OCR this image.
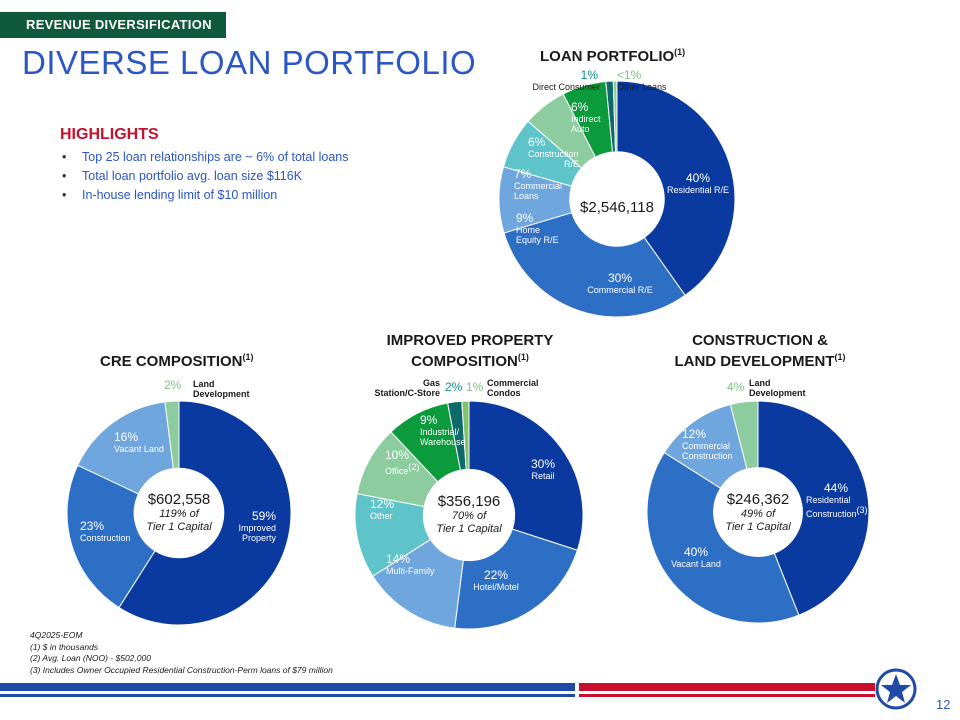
REVENUE DIVERSIFICATION
DIVERSE LOAN PORTFOLIO
HIGHLIGHTS
• Top 25 loan relationships are ~ 6% of total loans
• Total loan portfolio avg. loan size $116K
• In-house lending limit of $10 million
LOAN PORTFOLIO$^{(1)}$
$2,546,118
40%
Residential R/E
30%
Commercial R/E
9%
Home
Equity R/E
7%
Commercial
Loans
6%
Construction
R/E
6%
Indirect
Auto
1%
Direct Consumer
<1%
Other Loans
CRE COMPOSITION$^{(1)}$
$602,558
119% of
Tier 1 Capital
59%
Improved
Property
23%
Construction
16%
Vacant Land
2% Land
Development
IMPROVED PROPERTY
COMPOSITION$^{(1)}$
$356,196
70% of
Tier 1 Capital
30%
Retail
22%
Hotel/Motel
14%
Multi-Family
12%
Other
10%
Office$^{(2)}$
9%
Industrial/
Warehouse
Gas
Station/C-Store 2% 1% Commercial
Condos
CONSTRUCTION &
LAND DEVELOPMENT$^{(1)}$
$246,362
49% of
Tier 1 Capital
44%
Residential
Construction$^{(3)}$
40%
Vacant Land
12%
Commercial
Construction
4% Land
Development
4Q2025-EOM
(1) $ in thousands
(2) Avg. Loan (NOO) - $502,000
(3) Includes Owner Occupied Residential Construction-Perm loans of $79 million
12
